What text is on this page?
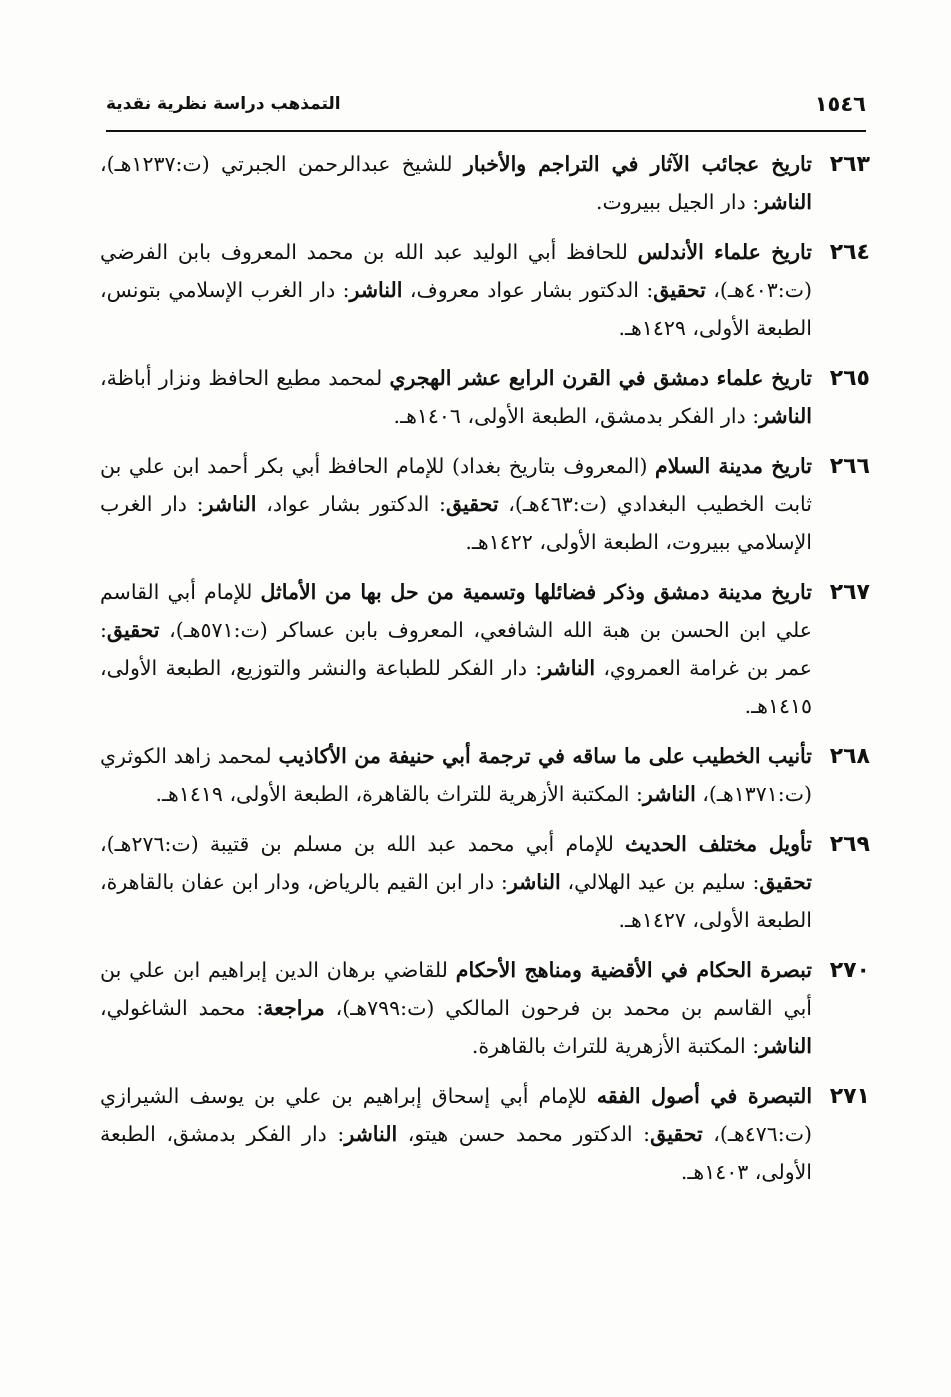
١٥٤٦
التمذهب دراسة نظرية نقدية
٢٦٣
تاريخ عجائب الآثار في التراجم والأخبار للشيخ عبدالرحمن الجبرتي (ت:١٢٣٧هـ)، الناشر: دار الجيل ببيروت.
٢٦٤
تاريخ علماء الأندلس للحافظ أبي الوليد عبد الله بن محمد المعروف بابن الفرضي (ت:٤٠٣هـ)، تحقيق: الدكتور بشار عواد معروف، الناشر: دار الغرب الإسلامي بتونس، الطبعة الأولى، ١٤٢٩هـ.
٢٦٥
تاريخ علماء دمشق في القرن الرابع عشر الهجري لمحمد مطيع الحافظ ونزار أباظة، الناشر: دار الفكر بدمشق، الطبعة الأولى، ١٤٠٦هـ.
٢٦٦
تاريخ مدينة السلام (المعروف بتاريخ بغداد) للإمام الحافظ أبي بكر أحمد ابن علي بن ثابت الخطيب البغدادي (ت:٤٦٣هـ)، تحقيق: الدكتور بشار عواد، الناشر: دار الغرب الإسلامي ببيروت، الطبعة الأولى، ١٤٢٢هـ.
٢٦٧
تاريخ مدينة دمشق وذكر فضائلها وتسمية من حل بها من الأماثل للإمام أبي القاسم علي ابن الحسن بن هبة الله الشافعي، المعروف بابن عساكر (ت:٥٧١هـ)، تحقيق: عمر بن غرامة العمروي، الناشر: دار الفكر للطباعة والنشر والتوزيع، الطبعة الأولى، ١٤١٥هـ.
٢٦٨
تأنيب الخطيب على ما ساقه في ترجمة أبي حنيفة من الأكاذيب لمحمد زاهد الكوثري (ت:١٣٧١هـ)، الناشر: المكتبة الأزهرية للتراث بالقاهرة، الطبعة الأولى، ١٤١٩هـ.
٢٦٩
تأويل مختلف الحديث للإمام أبي محمد عبد الله بن مسلم بن قتيبة (ت:٢٧٦هـ)، تحقيق: سليم بن عيد الهلالي، الناشر: دار ابن القيم بالرياض، ودار ابن عفان بالقاهرة، الطبعة الأولى، ١٤٢٧هـ.
٢٧٠
تبصرة الحكام في الأقضية ومناهج الأحكام للقاضي برهان الدين إبراهيم ابن علي بن أبي القاسم بن محمد بن فرحون المالكي (ت:٧٩٩هـ)، مراجعة: محمد الشاغولي، الناشر: المكتبة الأزهرية للتراث بالقاهرة.
٢٧١
التبصرة في أصول الفقه للإمام أبي إسحاق إبراهيم بن علي بن يوسف الشيرازي (ت:٤٧٦هـ)، تحقيق: الدكتور محمد حسن هيتو، الناشر: دار الفكر بدمشق، الطبعة الأولى، ١٤٠٣هـ.
